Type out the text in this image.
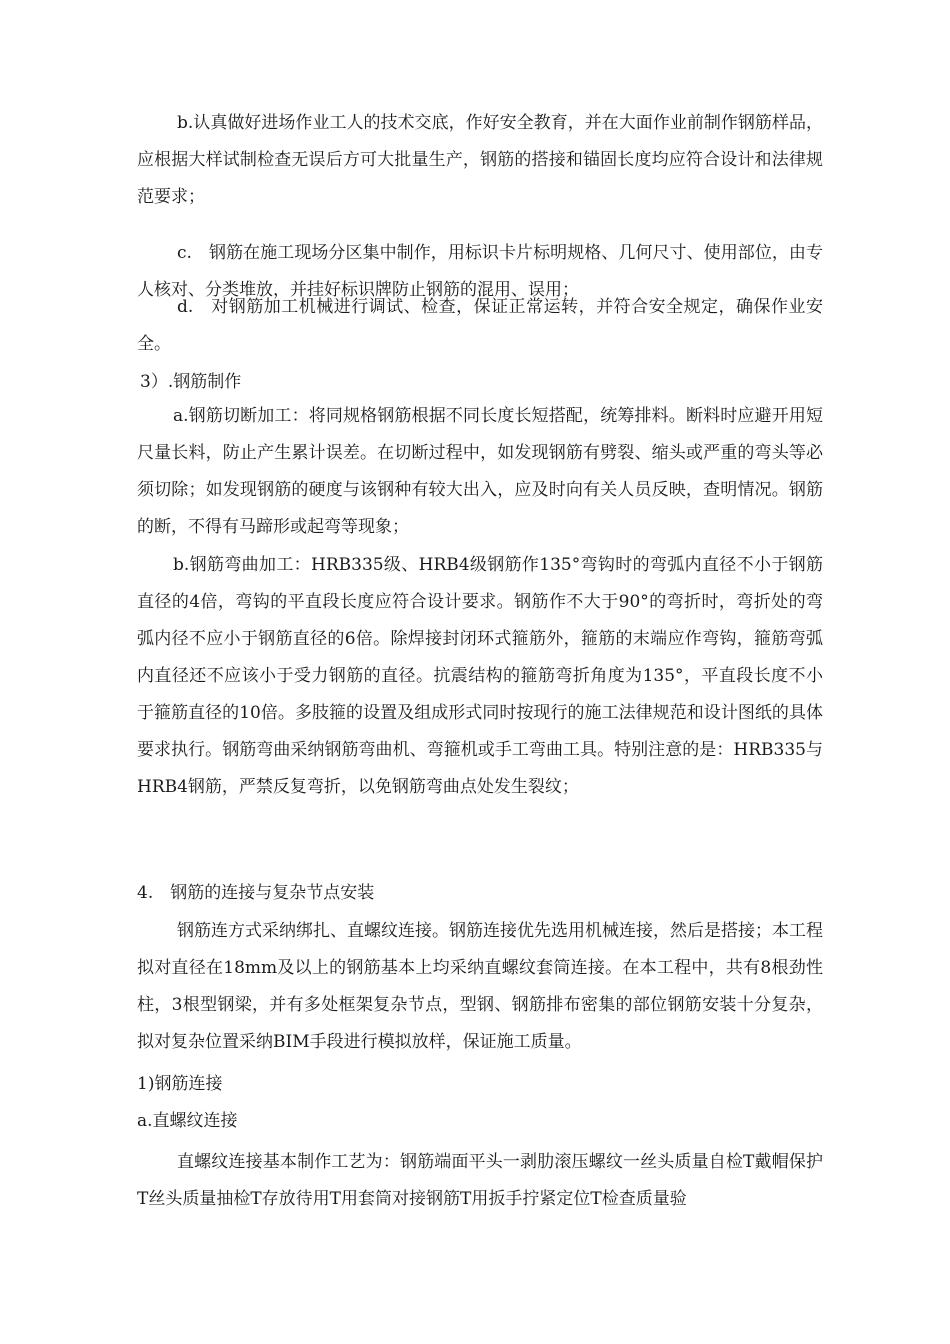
b.认真做好进场作业工人的技术交底，作好安全教育，并在大面作业前制作钢筋样品，应根据大样试制检查无误后方可大批量生产，钢筋的搭接和锚固长度均应符合设计和法律规范要求；

c.　钢筋在施工现场分区集中制作，用标识卡片标明规格、几何尺寸、使用部位，由专人核对、分类堆放，并挂好标识牌防止钢筋的混用、误用；

d.　对钢筋加工机械进行调试、检查，保证正常运转，并符合安全规定，确保作业安全。

3）.钢筋制作

a.钢筋切断加工：将同规格钢筋根据不同长度长短搭配，统筹排料。断料时应避开用短尺量长料，防止产生累计误差。在切断过程中，如发现钢筋有劈裂、缩头或严重的弯头等必须切除；如发现钢筋的硬度与该钢种有较大出入，应及时向有关人员反映，查明情况。钢筋的断，不得有马蹄形或起弯等现象；

b.钢筋弯曲加工：HRB335级、HRB4级钢筋作135°弯钩时的弯弧内直径不小于钢筋直径的4倍，弯钩的平直段长度应符合设计要求。钢筋作不大于90°的弯折时，弯折处的弯弧内径不应小于钢筋直径的6倍。除焊接封闭环式箍筋外，箍筋的末端应作弯钩，箍筋弯弧内直径还不应该小于受力钢筋的直径。抗震结构的箍筋弯折角度为135°，平直段长度不小于箍筋直径的10倍。多肢箍的设置及组成形式同时按现行的施工法律规范和设计图纸的具体要求执行。钢筋弯曲采纳钢筋弯曲机、弯箍机或手工弯曲工具。特别注意的是：HRB335与HRB4钢筋，严禁反复弯折，以免钢筋弯曲点处发生裂纹；

4.　钢筋的连接与复杂节点安装

钢筋连方式采纳绑扎、直螺纹连接。钢筋连接优先选用机械连接，然后是搭接；本工程拟对直径在18mm及以上的钢筋基本上均采纳直螺纹套筒连接。在本工程中，共有8根劲性柱，3根型钢梁，并有多处框架复杂节点，型钢、钢筋排布密集的部位钢筋安装十分复杂，拟对复杂位置采纳BIM手段进行模拟放样，保证施工质量。

1)钢筋连接

a.直螺纹连接

直螺纹连接基本制作工艺为：钢筋端面平头一剥肋滚压螺纹一丝头质量自检T戴帽保护T丝头质量抽检T存放待用T用套筒对接钢筋T用扳手拧紧定位T检查质量验
